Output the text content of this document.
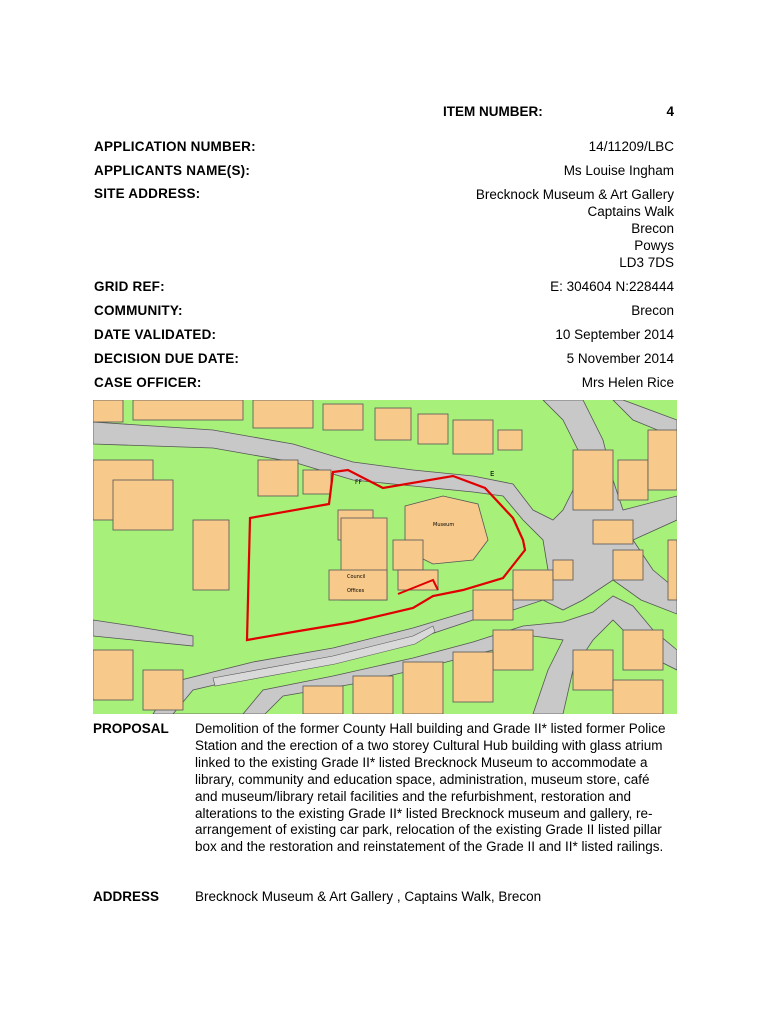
ITEM NUMBER:	4
APPLICATION NUMBER:	14/11209/LBC
APPLICANTS NAME(S):	Ms Louise Ingham
SITE ADDRESS:	Brecknock Museum & Art Gallery
Captains Walk
Brecon
Powys
LD3 7DS
GRID REF:	E: 304604 N:228444
COMMUNITY:	Brecon
DATE VALIDATED:	10 September 2014
DECISION DUE DATE:	5 November 2014
CASE OFFICER:	Mrs Helen Rice
Council
Offices
Museum
E
FF
PROPOSAL Demolition of the former County Hall building and Grade II* listed former Police Station and the erection of a two storey Cultural Hub building with glass atrium linked to the existing Grade II* listed Brecknock Museum to accommodate a library, community and education space, administration, museum store, café and museum/library retail facilities and the refurbishment, restoration and alterations to the existing Grade II* listed Brecknock museum and gallery, re-arrangement of existing car park, relocation of the existing Grade II listed pillar box and the restoration and reinstatement of the Grade II and II* listed railings.
ADDRESS	Brecknock Museum & Art Gallery , Captains Walk, Brecon
